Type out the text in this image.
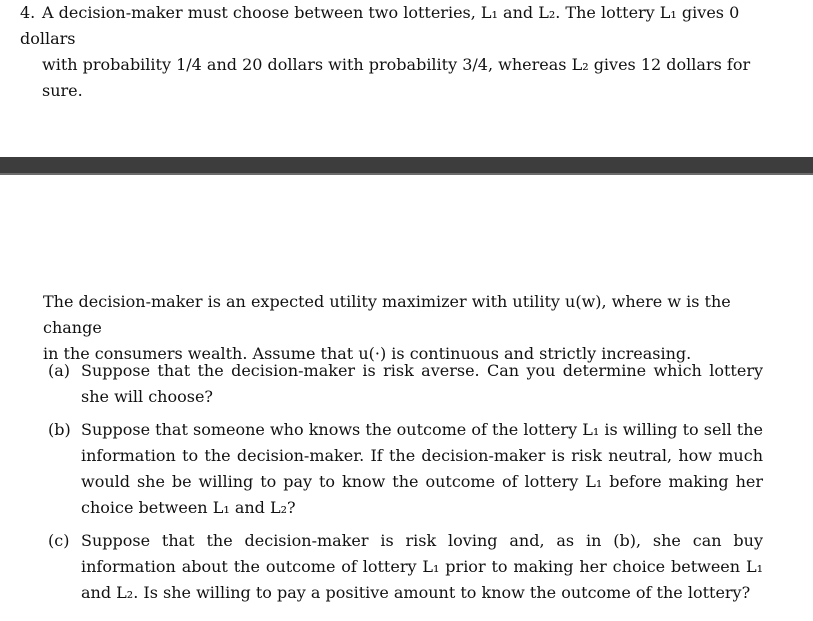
4. A decision-maker must choose between two lotteries, L₁ and L₂. The lottery L₁ gives 0 dollars
with probability 1/4 and 20 dollars with probability 3/4, whereas L₂ gives 12 dollars for sure.
The decision-maker is an expected utility maximizer with utility u(w), where w is the change
in the consumers wealth. Assume that u(·) is continuous and strictly increasing.
(a) Suppose that the decision-maker is risk averse. Can you determine which lottery she will choose?
(b) Suppose that someone who knows the outcome of the lottery L₁ is willing to sell the information to the decision-maker. If the decision-maker is risk neutral, how much would she be willing to pay to know the outcome of lottery L₁ before making her choice between L₁ and L₂?
(c) Suppose that the decision-maker is risk loving and, as in (b), she can buy information about the outcome of lottery L₁ prior to making her choice between L₁ and L₂. Is she willing to pay a positive amount to know the outcome of the lottery?
